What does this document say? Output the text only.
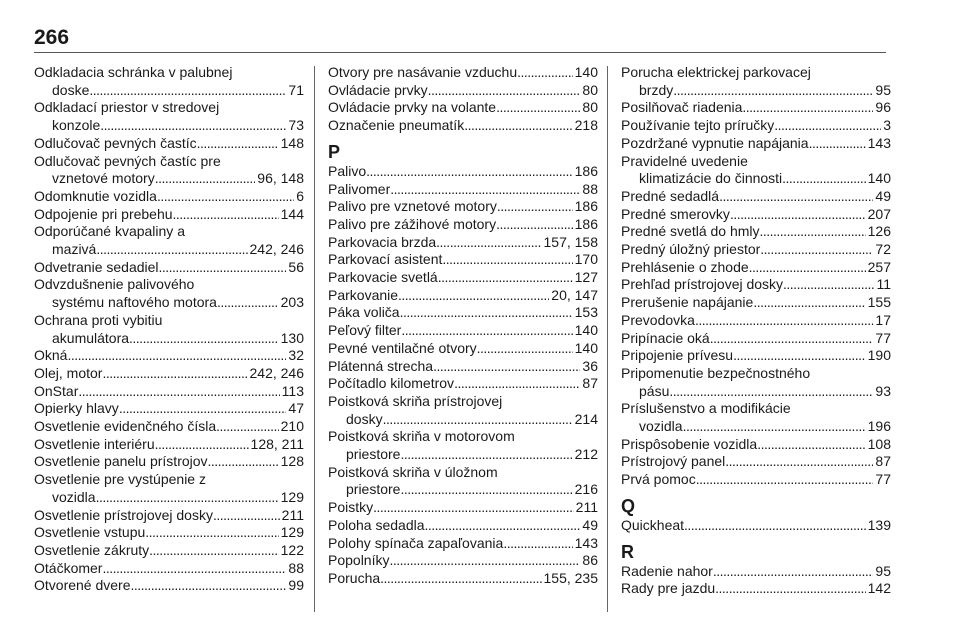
266
Odkladacia schránka v palubnej
doske . . .	71
Odkladací priestor v stredovej
konzole . . .	73
Odlučovač pevných častíc . . .	148
Odlučovač pevných častíc pre
vznetové motory . . .	96, 148
Odomknutie vozidla . . .	6
Odpojenie pri prebehu . . .	144
Odporúčané kvapaliny a
mazivá . . .	242, 246
Odvetranie sedadiel . . .	56
Odvzdušnenie palivového
systému naftového motora . . .	203
Ochrana proti vybitiu
akumulátora . . .	130
Okná . . .	32
Olej, motor . . .	242, 246
OnStar . . .	113
Opierky hlavy . . .	47
Osvetlenie evidenčného čísla . . .	210
Osvetlenie interiéru . . .	128, 211
Osvetlenie panelu prístrojov . . .	128
Osvetlenie pre vystúpenie z
vozidla . . .	129
Osvetlenie prístrojovej dosky . . .	211
Osvetlenie vstupu . . .	129
Osvetlenie zákruty . . .	122
Otáčkomer . . .	88
Otvorené dvere . . .	99
Otvory pre nasávanie vzduchu . . .	140
Ovládacie prvky . . .	80
Ovládacie prvky na volante . . .	80
Označenie pneumatík . . .	218
P
Palivo . . .	186
Palivomer . . .	88
Palivo pre vznetové motory . . .	186
Palivo pre zážihové motory . . .	186
Parkovacia brzda . . .	157, 158
Parkovací asistent . . .	170
Parkovacie svetlá . . .	127
Parkovanie . . .	20, 147
Páka voliča . . .	153
Peľový filter . . .	140
Pevné ventilačné otvory . . .	140
Plátenná strecha . . .	36
Počítadlo kilometrov . . .	87
Poistková skriňa prístrojovej
dosky . . .	214
Poistková skriňa v motorovom
priestore . . .	212
Poistková skriňa v úložnom
priestore . . .	216
Poistky . . .	211
Poloha sedadla . . .	49
Polohy spínača zapaľovania . . .	143
Popolníky . . .	86
Porucha . . .	155, 235
Porucha elektrickej parkovacej
brzdy . . .	95
Posilňovač riadenia . . .	96
Používanie tejto príručky . . .	3
Pozdržané vypnutie napájania . . .	143
Pravidelné uvedenie
klimatizácie do činnosti . . .	140
Predné sedadlá . . .	49
Predné smerovky . . .	207
Predné svetlá do hmly . . .	126
Predný úložný priestor . . .	72
Prehlásenie o zhode . . .	257
Prehľad prístrojovej dosky . . .	11
Prerušenie napájanie . . .	155
Prevodovka . . .	17
Pripínacie oká . . .	77
Pripojenie prívesu . . .	190
Pripomenutie bezpečnostného
pásu . . .	93
Príslušenstvo a modifikácie
vozidla . . .	196
Prispôsobenie vozidla . . .	108
Prístrojový panel . . .	87
Prvá pomoc . . .	77
Q
Quickheat . . .	139
R
Radenie nahor . . .	95
Rady pre jazdu . . .	142
